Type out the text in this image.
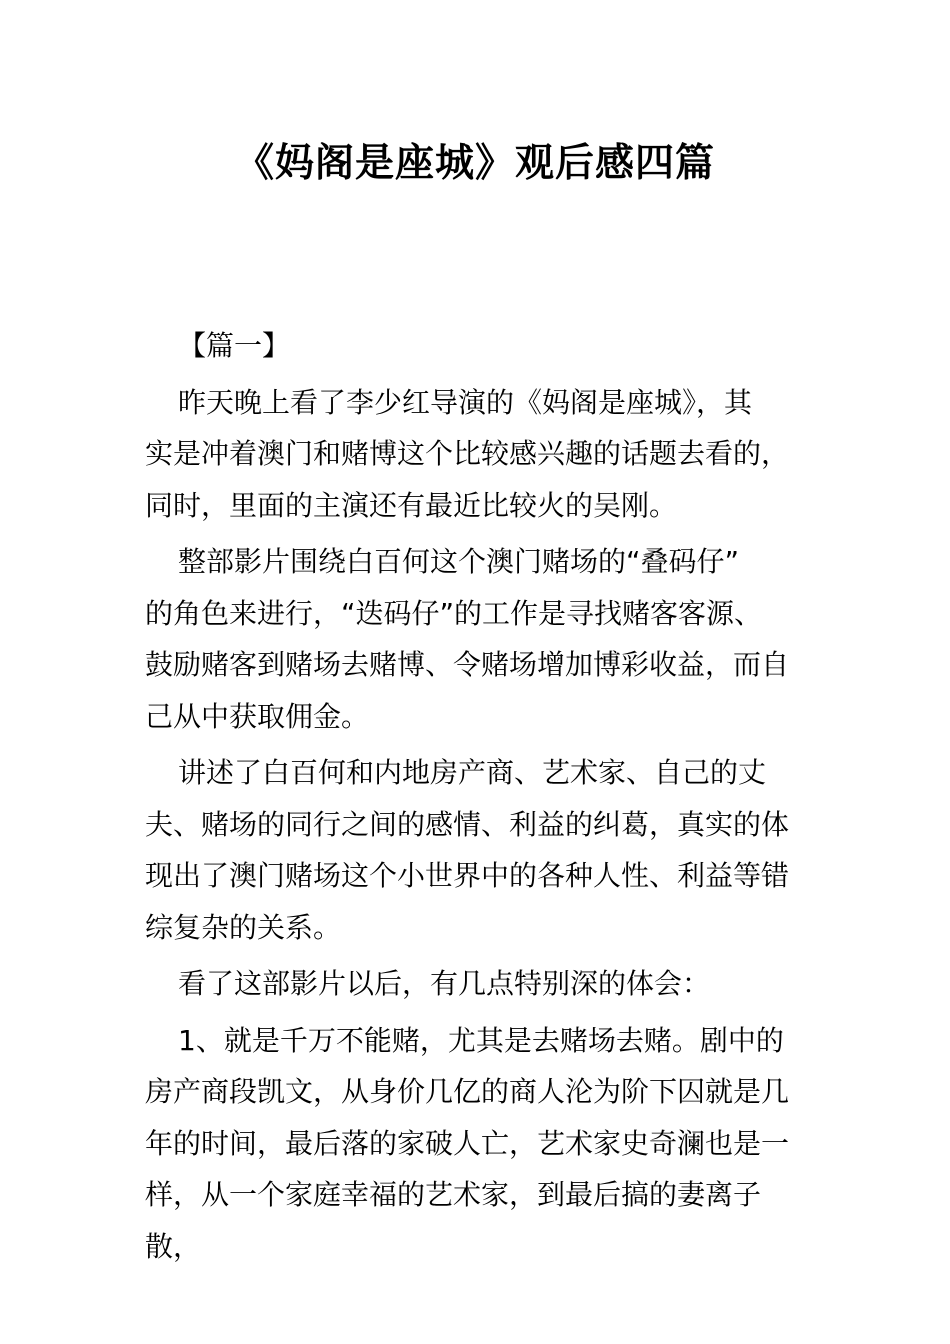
《妈阁是座城》观后感四篇
【篇一】

昨天晚上看了李少红导演的《妈阁是座城》，其
实是冲着澳门和赌博这个比较感兴趣的话题去看的，
同时，里面的主演还有最近比较火的吴刚。

整部影片围绕白百何这个澳门赌场的“叠码仔”
的角色来进行，“迭码仔”的工作是寻找赌客客源、
鼓励赌客到赌场去赌博、令赌场增加博彩收益，而自
己从中获取佣金。

讲述了白百何和内地房产商、艺术家、自己的丈
夫、赌场的同行之间的感情、利益的纠葛，真实的体
现出了澳门赌场这个小世界中的各种人性、利益等错
综复杂的关系。

看了这部影片以后，有几点特别深的体会：

1、就是千万不能赌，尤其是去赌场去赌。剧中的
房产商段凯文，从身价几亿的商人沦为阶下囚就是几
年的时间，最后落的家破人亡，艺术家史奇澜也是一
样，从一个家庭幸福的艺术家，到最后搞的妻离子散，
